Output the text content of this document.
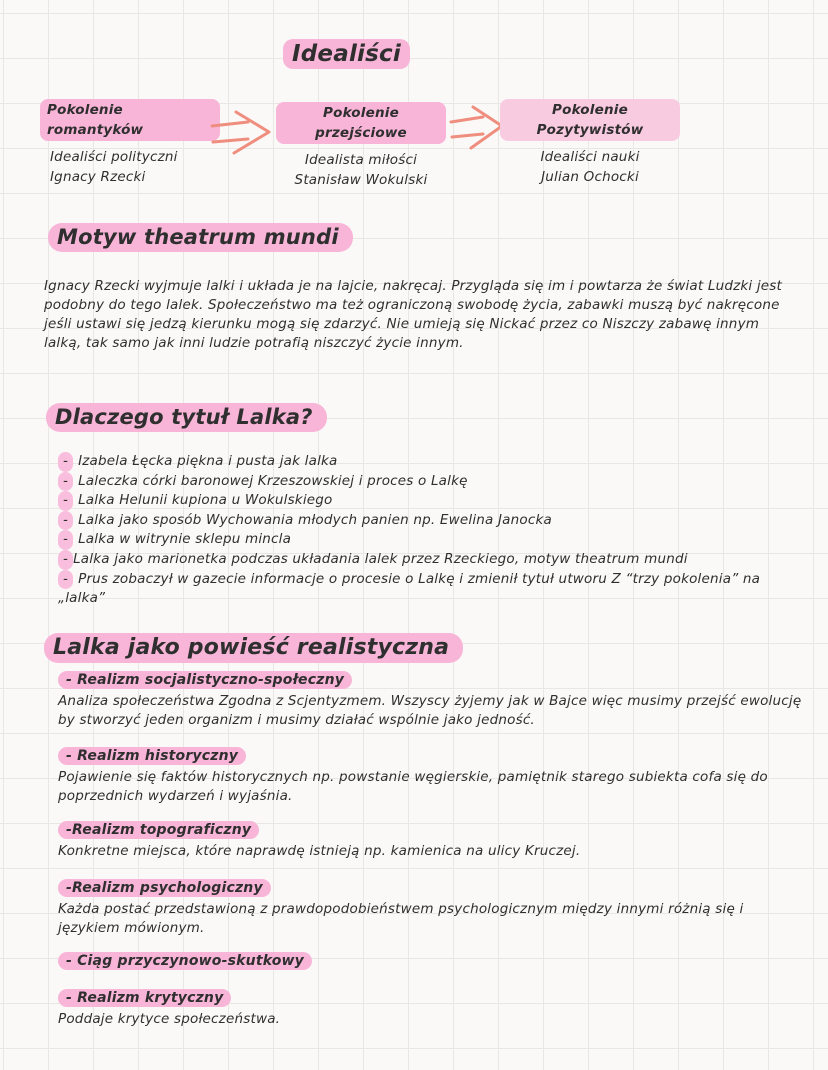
Idealiści
Pokolenie romantyków
Idealiści polityczni
Ignacy Rzecki
Pokolenie przejściowe
Idealista miłości
Stanisław Wokulski
Pokolenie Pozytywistów
Idealiści nauki
Julian Ochocki
Motyw theatrum mundi
Ignacy Rzecki wyjmuje lalki i układa je na lajcie, nakręcaj. Przygląda się im i powtarza że świat Ludzki jest podobny do tego lalek. Społeczeństwo ma też ograniczoną swobodę życia, zabawki muszą być nakręcone jeśli ustawi się jedzą kierunku mogą się zdarzyć. Nie umieją się Nickać przez co Niszczy zabawę innym lalką, tak samo jak inni ludzie potrafią niszczyć życie innym.
Dlaczego tytuł Lalka?
- Izabela Łęcka piękna i pusta jak lalka
- Laleczka córki baronowej Krzeszowskiej i proces o Lalkę
- Lalka Helunii kupiona u Wokulskiego
- Lalka jako sposób Wychowania młodych panien np. Ewelina Janocka
- Lalka w witrynie sklepu mincla
- Lalka jako marionetka podczas układania lalek przez Rzeckiego, motyw theatrum mundi
- Prus zobaczył w gazecie informacje o procesie o Lalkę i zmienił tytuł utworu Z “trzy pokolenia” na „lalka”
Lalka jako powieść realistyczna
- Realizm socjalistyczno-społeczny
Analiza społeczeństwa Zgodna z Scjentyzmem. Wszyscy żyjemy jak w Bajce więc musimy przejść ewolucję by stworzyć jeden organizm i musimy działać wspólnie jako jedność.
- Realizm historyczny
Pojawienie się faktów historycznych np. powstanie węgierskie, pamiętnik starego subiekta cofa się do poprzednich wydarzeń i wyjaśnia.
-Realizm topograficzny
Konkretne miejsca, które naprawdę istnieją np. kamienica na ulicy Kruczej.
-Realizm psychologiczny
Każda postać przedstawioną z prawdopodobieństwem psychologicznym między innymi różnią się i językiem mówionym.
- Ciąg przyczynowo-skutkowy
- Realizm krytyczny
Poddaje krytyce społeczeństwa.
